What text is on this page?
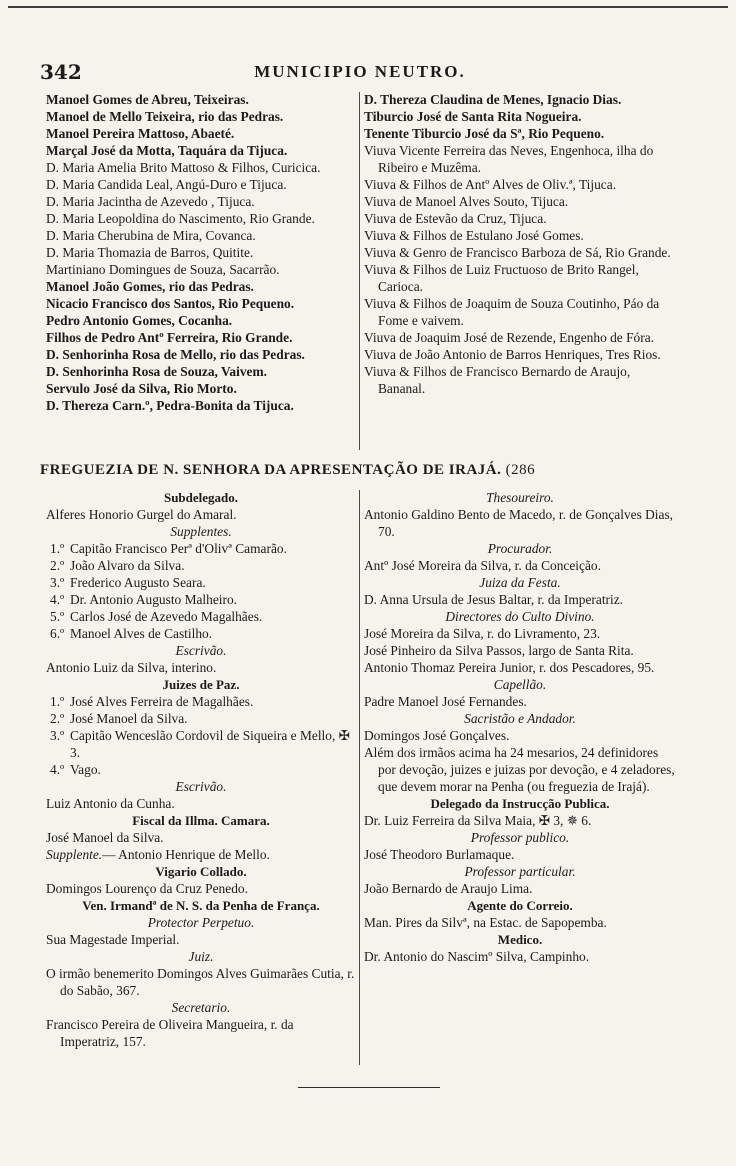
342	MUNICIPIO NEUTRO.

Manoel Gomes de Abreu, Teixeiras.

Manoel de Mello Teixeira, rio das Pedras.

Manoel Pereira Mattoso, Abaeté.

Marçal José da Motta, Taquára da Tijuca.

D. Maria Amelia Brito Mattoso & Filhos, Curicica.

D. Maria Candida Leal, Angú-Duro e Tijuca.

D. Maria Jacintha de Azevedo , Tijuca.

D. Maria Leopoldina do Nascimento, Rio Grande.

D. Maria Cherubina de Mira, Covanca.

D. Maria Thomazia de Barros, Quitite.

Martiniano Domingues de Souza, Sacarrão.

Manoel João Gomes, rio das Pedras.

Nicacio Francisco dos Santos, Rio Pequeno.

Pedro Antonio Gomes, Cocanha.

Filhos de Pedro Antº Ferreira, Rio Grande.

D. Senhorinha Rosa de Mello, rio das Pedras.

D. Senhorinha Rosa de Souza, Vaivem.

Servulo José da Silva, Rio Morto.

D. Thereza Carn.º, Pedra-Bonita da Tijuca.

D. Thereza Claudina de Menes, Ignacio Dias.

Tiburcio José de Santa Rita Nogueira.

Tenente Tiburcio José da Sª, Rio Pequeno.

Viuva Vicente Ferreira das Neves, Engenhoca, ilha do Ribeiro e Muzêma.

Viuva & Filhos de Antº Alves de Oliv.ª, Tijuca.

Viuva de Manoel Alves Souto, Tijuca.

Viuva de Estevão da Cruz, Tijuca.

Viuva & Filhos de Estulano José Gomes.

Viuva & Genro de Francisco Barboza de Sá, Rio Grande.

Viuva & Filhos de Luiz Fructuoso de Brito Rangel, Carioca.

Viuva & Filhos de Joaquim de Souza Coutinho, Páo da Fome e vaivem.

Viuva de Joaquim José de Rezende, Engenho de Fóra.

Viuva de João Antonio de Barros Henriques, Tres Rios.

Viuva & Filhos de Francisco Bernardo de Araujo, Bananal.

FREGUEZIA DE N. SENHORA DA APRESENTAÇÃO DE IRAJÁ. (286

Subdelegado.

Alferes Honorio Gurgel do Amaral.

Supplentes.

1.º Capitão Francisco Perª d'Olivª Camarão.

2.º João Alvaro da Silva.

3.º Frederico Augusto Seara.

4.º Dr. Antonio Augusto Malheiro.

5.º Carlos José de Azevedo Magalhães.

6.º Manoel Alves de Castilho.

Escrivão.

Antonio Luiz da Silva, interino.

Juizes de Paz.

1.º José Alves Ferreira de Magalhães.

2.º José Manoel da Silva.

3.º Capitão Wenceslão Cordovil de Siqueira e Mello, ✠ 3.

4.º Vago.

Escrivão.

Luiz Antonio da Cunha.

Fiscal da Illma. Camara.

José Manoel da Silva.

Supplente.— Antonio Henrique de Mello.

Vigario Collado.

Domingos Lourenço da Cruz Penedo.

Ven. Irmandª de N. S. da Penha de França.

Protector Perpetuo.

Sua Magestade Imperial.

Juiz.

O irmão benemerito Domingos Alves Guimarães Cutia, r. do Sabão, 367.

Secretario.

Francisco Pereira de Oliveira Mangueira, r. da Imperatriz, 157.

Thesoureiro.

Antonio Galdino Bento de Macedo, r. de Gonçalves Dias, 70.

Procurador.

Antº José Moreira da Silva, r. da Conceição.

Juiza da Festa.

D. Anna Ursula de Jesus Baltar, r. da Imperatriz.

Directores do Culto Divino.

José Moreira da Silva, r. do Livramento, 23.

José Pinheiro da Silva Passos, largo de Santa Rita.

Antonio Thomaz Pereira Junior, r. dos Pescadores, 95.

Capellão.

Padre Manoel José Fernandes.

Sacristão e Andador.

Domingos José Gonçalves.

Além dos irmãos acima ha 24 mesarios, 24 definidores por devoção, juizes e juizas por devoção, e 4 zeladores, que devem morar na Penha (ou freguezia de Irajá).

Delegado da Instrucção Publica.

Dr. Luiz Ferreira da Silva Maia, ✠ 3, ✵ 6.

Professor publico.

José Theodoro Burlamaque.

Professor particular.

João Bernardo de Araujo Lima.

Agente do Correio.

Man. Pires da Silvª, na Estac. de Sapopemba.

Medico.

Dr. Antonio do Nascimº Silva, Campinho.
